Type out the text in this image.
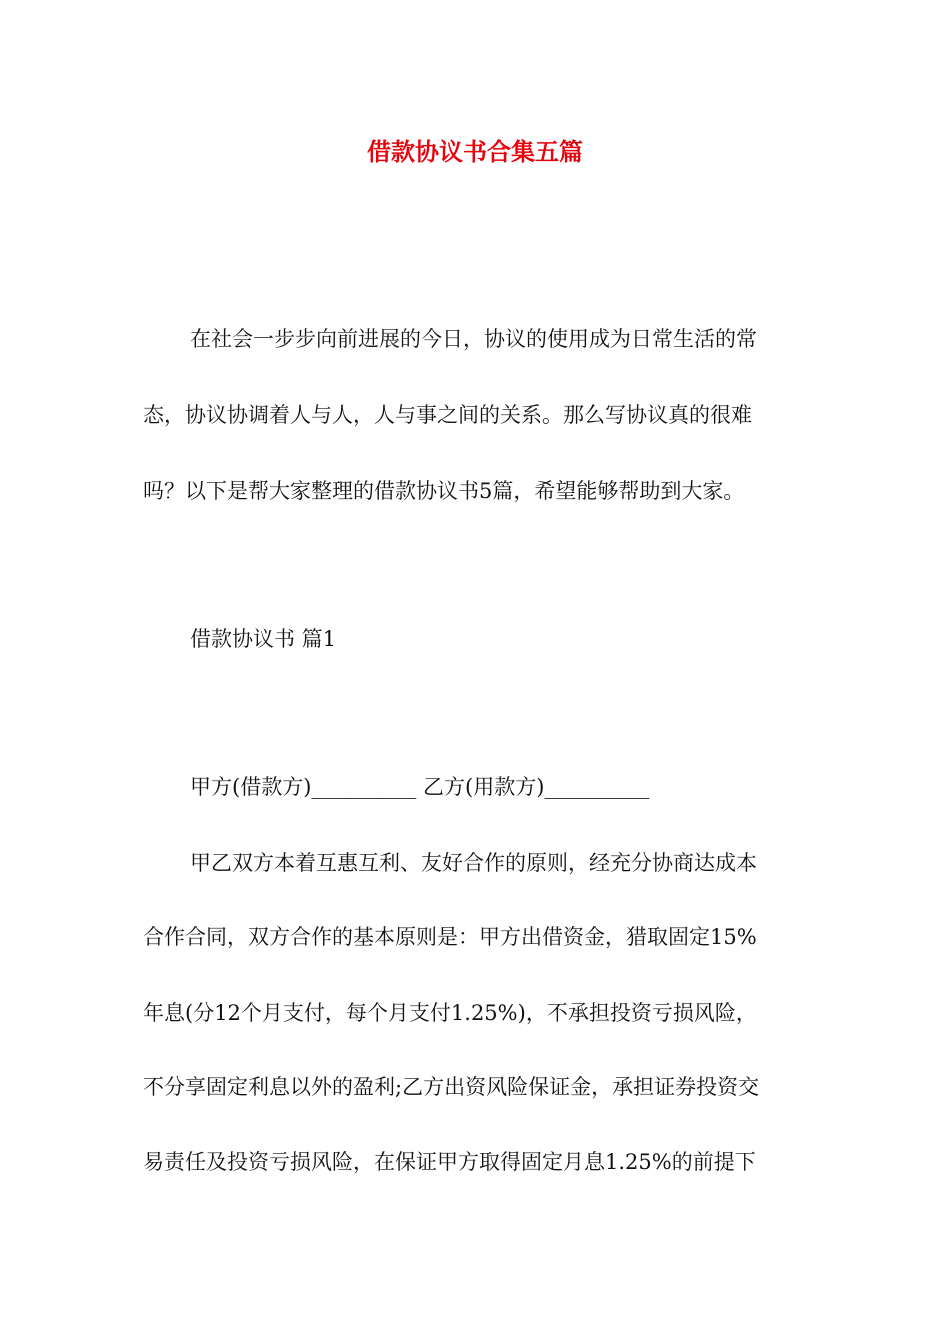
借款协议书合集五篇

在社会一步步向前进展的今日，协议的使用成为日常生活的常

态，协议协调着人与人，人与事之间的关系。那么写协议真的很难

吗？以下是帮大家整理的借款协议书5篇，希望能够帮助到大家。

借款协议书 篇1

甲方(借款方)__________ 乙方(用款方)__________

甲乙双方本着互惠互利、友好合作的原则，经充分协商达成本

合作合同，双方合作的基本原则是：甲方出借资金，猎取固定15%

年息(分12个月支付，每个月支付1.25%)，不承担投资亏损风险，

不分享固定利息以外的盈利;乙方出资风险保证金，承担证券投资交

易责任及投资亏损风险，在保证甲方取得固定月息1.25%的前提下
